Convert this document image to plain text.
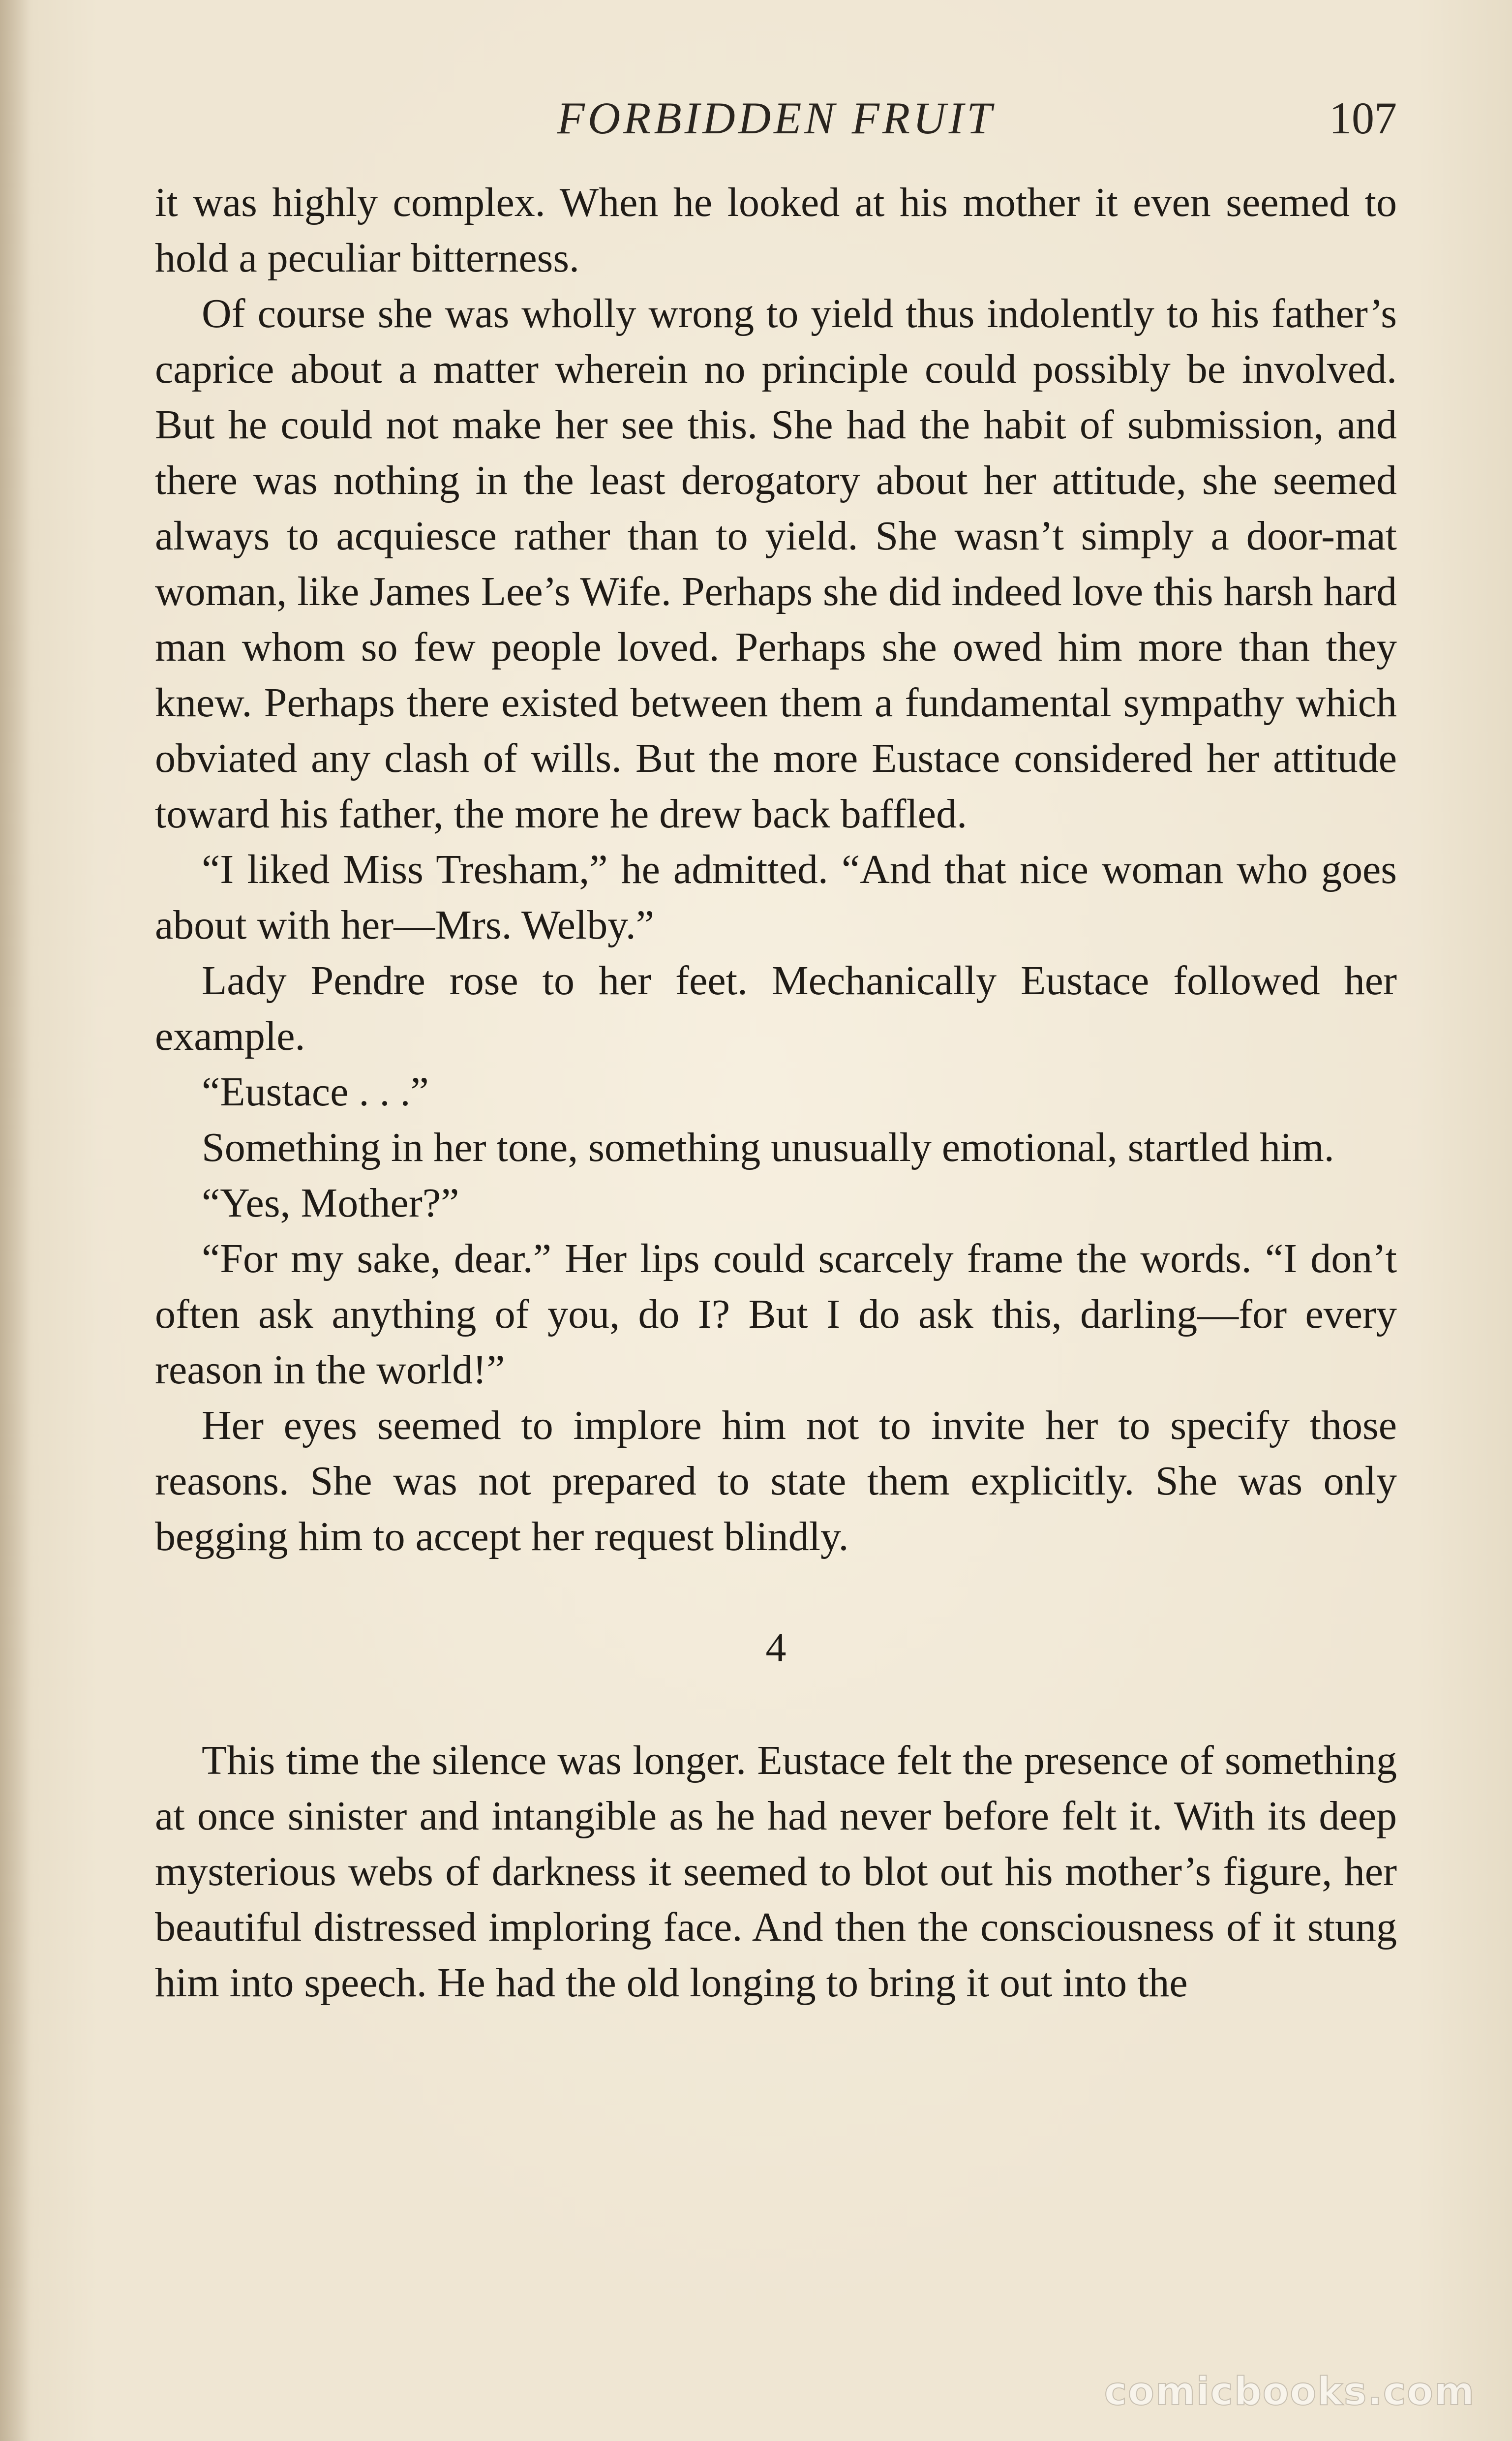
FORBIDDEN FRUIT	107

it was highly complex. When he looked at his mother it even seemed to hold a peculiar bitterness.

Of course she was wholly wrong to yield thus indolently to his father’s caprice about a matter wherein no principle could possibly be involved. But he could not make her see this. She had the habit of submission, and there was nothing in the least derogatory about her attitude, she seemed always to acquiesce rather than to yield. She wasn’t simply a door-mat woman, like James Lee’s Wife. Perhaps she did indeed love this harsh hard man whom so few people loved. Perhaps she owed him more than they knew. Perhaps there existed between them a fundamental sympathy which obviated any clash of wills. But the more Eustace considered her attitude toward his father, the more he drew back baffled.

“I liked Miss Tresham,” he admitted. “And that nice woman who goes about with her—Mrs. Welby.”

Lady Pendre rose to her feet. Mechanically Eustace followed her example.

“Eustace . . .”

Something in her tone, something unusually emotional, startled him.

“Yes, Mother?”

“For my sake, dear.” Her lips could scarcely frame the words. “I don’t often ask anything of you, do I? But I do ask this, darling—for every reason in the world!”

Her eyes seemed to implore him not to invite her to specify those reasons. She was not prepared to state them explicitly. She was only begging him to accept her request blindly.

4

This time the silence was longer. Eustace felt the presence of something at once sinister and intangible as he had never before felt it. With its deep mysterious webs of darkness it seemed to blot out his mother’s figure, her beautiful distressed imploring face. And then the consciousness of it stung him into speech. He had the old longing to bring it out into the

comicbooks.com
